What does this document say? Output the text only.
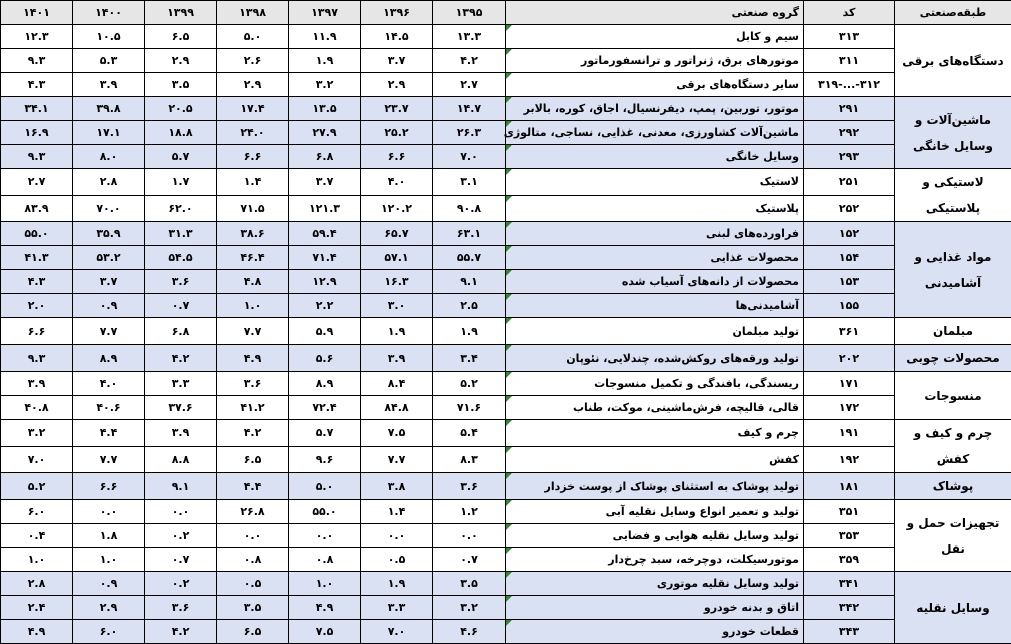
طبقه‌صنعتی	کد	گروه صنعتی	۱۳۹۵	۱۳۹۶	۱۳۹۷	۱۳۹۸	۱۳۹۹	۱۴۰۰	۱۴۰۱
دستگاه‌های برقی	۳۱۳	سیم و کابل	۱۳.۳	۱۴.۵	۱۱.۹	۵.۰	۶.۵	۱۰.۵	۱۲.۳
	۳۱۱	موتورهای برق، ژنراتور و ترانسفورماتور	۴.۲	۳.۷	۱.۹	۲.۶	۲.۹	۵.۳	۹.۳
	۳۱۲-...-۳۱۹	سایر دستگاه‌های برقی	۲.۷	۲.۹	۳.۲	۲.۹	۳.۵	۳.۹	۴.۳
ماشین‌آلات و وسایل خانگی	۲۹۱	موتور، توربین، پمپ، دیفرنسیال، اجاق، کوره، بالابر	۱۴.۷	۲۳.۷	۱۳.۵	۱۷.۴	۲۰.۵	۳۹.۸	۳۴.۱
	۲۹۲	ماشین‌آلات کشاورزی، معدنی، غذایی، نساجی، متالوژی	۲۶.۳	۲۵.۲	۲۷.۹	۲۴.۰	۱۸.۸	۱۷.۱	۱۶.۹
	۲۹۳	وسایل خانگی	۷.۰	۶.۶	۶.۸	۶.۶	۵.۷	۸.۰	۹.۳
لاستیکی و پلاستیکی	۲۵۱	لاستیک	۳.۱	۴.۰	۳.۷	۱.۴	۱.۷	۲.۸	۲.۷
	۲۵۲	پلاستیک	۹۰.۸	۱۲۰.۲	۱۲۱.۳	۷۱.۵	۶۲.۰	۷۰.۰	۸۳.۹
مواد غذایی و آشامیدنی	۱۵۲	فراورده‌های لبنی	۶۳.۱	۶۵.۷	۵۹.۴	۳۸.۶	۳۱.۳	۳۵.۹	۵۵.۰
	۱۵۴	محصولات غذایی	۵۵.۷	۵۷.۱	۷۱.۴	۴۶.۴	۵۴.۵	۵۳.۲	۴۱.۳
	۱۵۳	محصولات از دانه‌های آسیاب شده	۹.۱	۱۶.۳	۱۲.۹	۴.۸	۳.۶	۳.۷	۴.۳
	۱۵۵	آشامیدنی‌ها	۲.۵	۳.۰	۲.۲	۱.۰	۰.۷	۰.۹	۲.۰
مبلمان	۳۶۱	تولید مبلمان	۱.۹	۱.۹	۵.۹	۷.۷	۶.۸	۷.۷	۶.۶
محصولات چوبی	۲۰۲	تولید ورقه‌های روکش‌شده، چندلایی، نئوپان	۳.۴	۳.۹	۵.۶	۴.۹	۴.۲	۸.۹	۹.۳
منسوجات	۱۷۱	ریسندگی، بافندگی و تکمیل منسوجات	۵.۲	۸.۴	۸.۹	۳.۶	۳.۳	۴.۰	۳.۹
	۱۷۲	قالی، قالیچه، فرش‌ماشینی، موکت، طناب	۷۱.۶	۸۴.۸	۷۲.۴	۴۱.۲	۳۷.۶	۴۰.۶	۴۰.۸
چرم و کیف و کفش	۱۹۱	چرم و کیف	۵.۴	۷.۵	۵.۷	۴.۲	۳.۹	۴.۴	۳.۲
	۱۹۲	کفش	۸.۳	۷.۷	۹.۶	۶.۵	۸.۸	۷.۷	۷.۰
پوشاک	۱۸۱	تولید پوشاک به استثنای پوشاک از پوست خزدار	۳.۶	۳.۸	۵.۰	۴.۴	۹.۱	۶.۶	۵.۲
تجهیزات حمل و نقل	۳۵۱	تولید و تعمیر انواع وسایل نقلیه آبی	۱.۲	۱.۴	۵۵.۰	۲۶.۸	۰.۰	۰.۰	۶.۰
	۳۵۳	تولید وسایل نقلیه هوایی و فضایی	۰.۰	۰.۰	۰.۰	۰.۰	۰.۲	۱.۸	۰.۴
	۳۵۹	موتورسیکلت، دوچرخه، سبد چرخ‌دار	۰.۷	۰.۵	۰.۸	۰.۸	۰.۷	۱.۰	۱.۰
وسایل نقلیه	۳۴۱	تولید وسایل نقلیه موتوری	۳.۵	۱.۹	۱.۰	۰.۵	۰.۲	۰.۹	۲.۸
	۳۴۲	اتاق و بدنه خودرو	۳.۲	۳.۳	۴.۹	۳.۵	۳.۶	۲.۹	۲.۴
	۳۴۳	قطعات خودرو	۴.۶	۷.۰	۷.۵	۶.۵	۴.۲	۶.۰	۴.۹
